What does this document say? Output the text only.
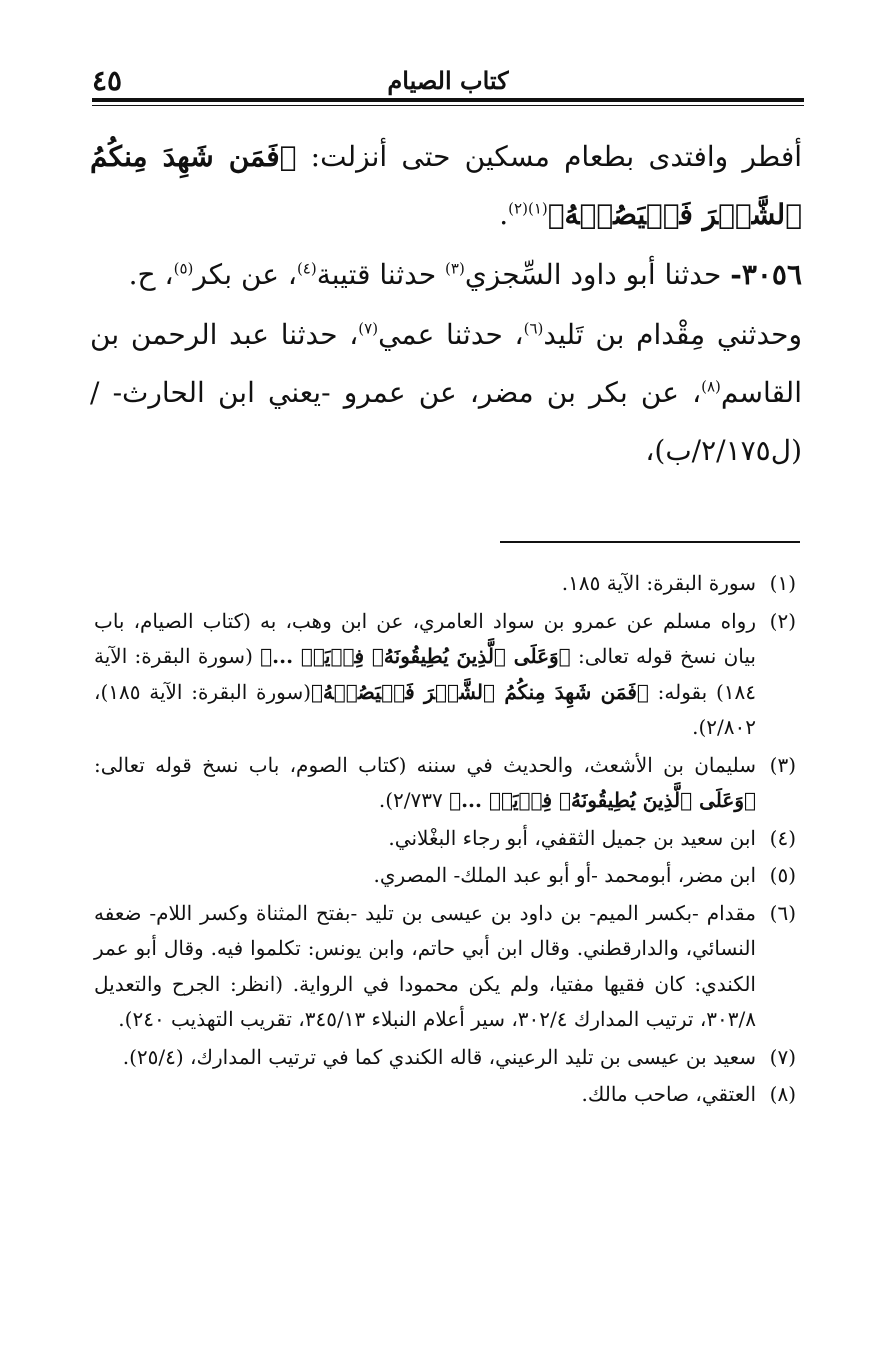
كتاب الصيام
٤٥

أفطر وافتدى بطعام مسكين حتى أنزلت: ﴿فَمَن شَهِدَ مِنكُمُ ٱلشَّهۡرَ فَلۡيَصُمۡهُ﴾$^{(١)(٢)}$.

٣٠٥٦- حدثنا أبو داود السِّجزي$^{(٣)}$ حدثنا قتيبة$^{(٤)}$، عن بكر$^{(٥)}$، ح.

وحدثني مِقْدام بن تَليد$^{(٦)}$، حدثنا عمي$^{(٧)}$، حدثنا عبد الرحمن بن القاسم$^{(٨)}$، عن بكر بن مضر، عن عمرو -يعني ابن الحارث- / (ل٢/١٧٥/ب)،

(١)
سورة البقرة: الآية ١٨٥.
(٢)
رواه مسلم عن عمرو بن سواد العامري، عن ابن وهب، به (كتاب الصيام، باب بيان نسخ قوله تعالى: ﴿وَعَلَى ٱلَّذِينَ يُطِيقُونَهُۥ فِدۡيَةٞ ...﴾ (سورة البقرة: الآية ١٨٤) بقوله: ﴿فَمَن شَهِدَ مِنكُمُ ٱلشَّهۡرَ فَلۡيَصُمۡهُ﴾(سورة البقرة: الآية ١٨٥)، ٢/٨٠٢).
(٣)
سليمان بن الأشعث، والحديث في سننه (كتاب الصوم، باب نسخ قوله تعالى: ﴿وَعَلَى ٱلَّذِينَ يُطِيقُونَهُۥ فِدۡيَةٞ ...﴾ ٢/٧٣٧).
(٤)
ابن سعيد بن جميل الثقفي، أبو رجاء البغْلاني.
(٥)
ابن مضر، أبومحمد -أو أبو عبد الملك- المصري.
(٦)
مقدام -بكسر الميم- بن داود بن عيسى بن تليد -بفتح المثناة وكسر اللام- ضعفه النسائي، والدارقطني. وقال ابن أبي حاتم، وابن يونس: تكلموا فيه. وقال أبو عمر الكندي: كان فقيها مفتيا، ولم يكن محمودا في الرواية. (انظر: الجرح والتعديل ٣٠٣/٨، ترتيب المدارك ٣٠٢/٤، سير أعلام النبلاء ٣٤٥/١٣، تقريب التهذيب ٢٤٠).
(٧)
سعيد بن عيسى بن تليد الرعيني، قاله الكندي كما في ترتيب المدارك، (٢٥/٤).
(٨)
العتقي، صاحب مالك.
